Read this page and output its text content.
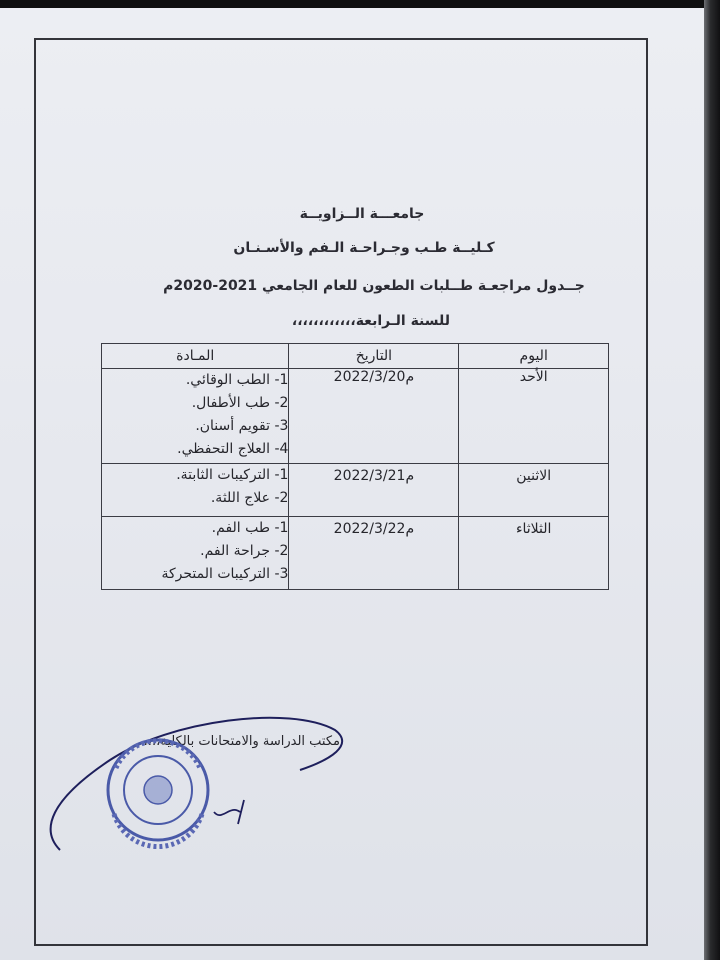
جامعـــة الــزاويــة
كـليــة طـب وجـراحـة الـفم والأسـنـان
جــدول مراجعـة طــلبات الطعون للعام الجامعي 2021-2020م
للسنة الـرابعة،،،،،،،،،،،،
اليوم	التاريخ	المـادة
الأحد	2022/3/20م	1- الطب الوقائي.
2- طب الأطفال.
3- تقويم أسنان.
4- العلاج التحفظي.

الاثنين	2022/3/21م	1- التركيبات الثابتة.
2- علاج اللثة.

الثلاثاء	2022/3/22م	1- طب الفم.
2- جراحة الفم.
3- التركيبات المتحركة
مكتب الدراسة والامتحانات بالكلية،،،،
